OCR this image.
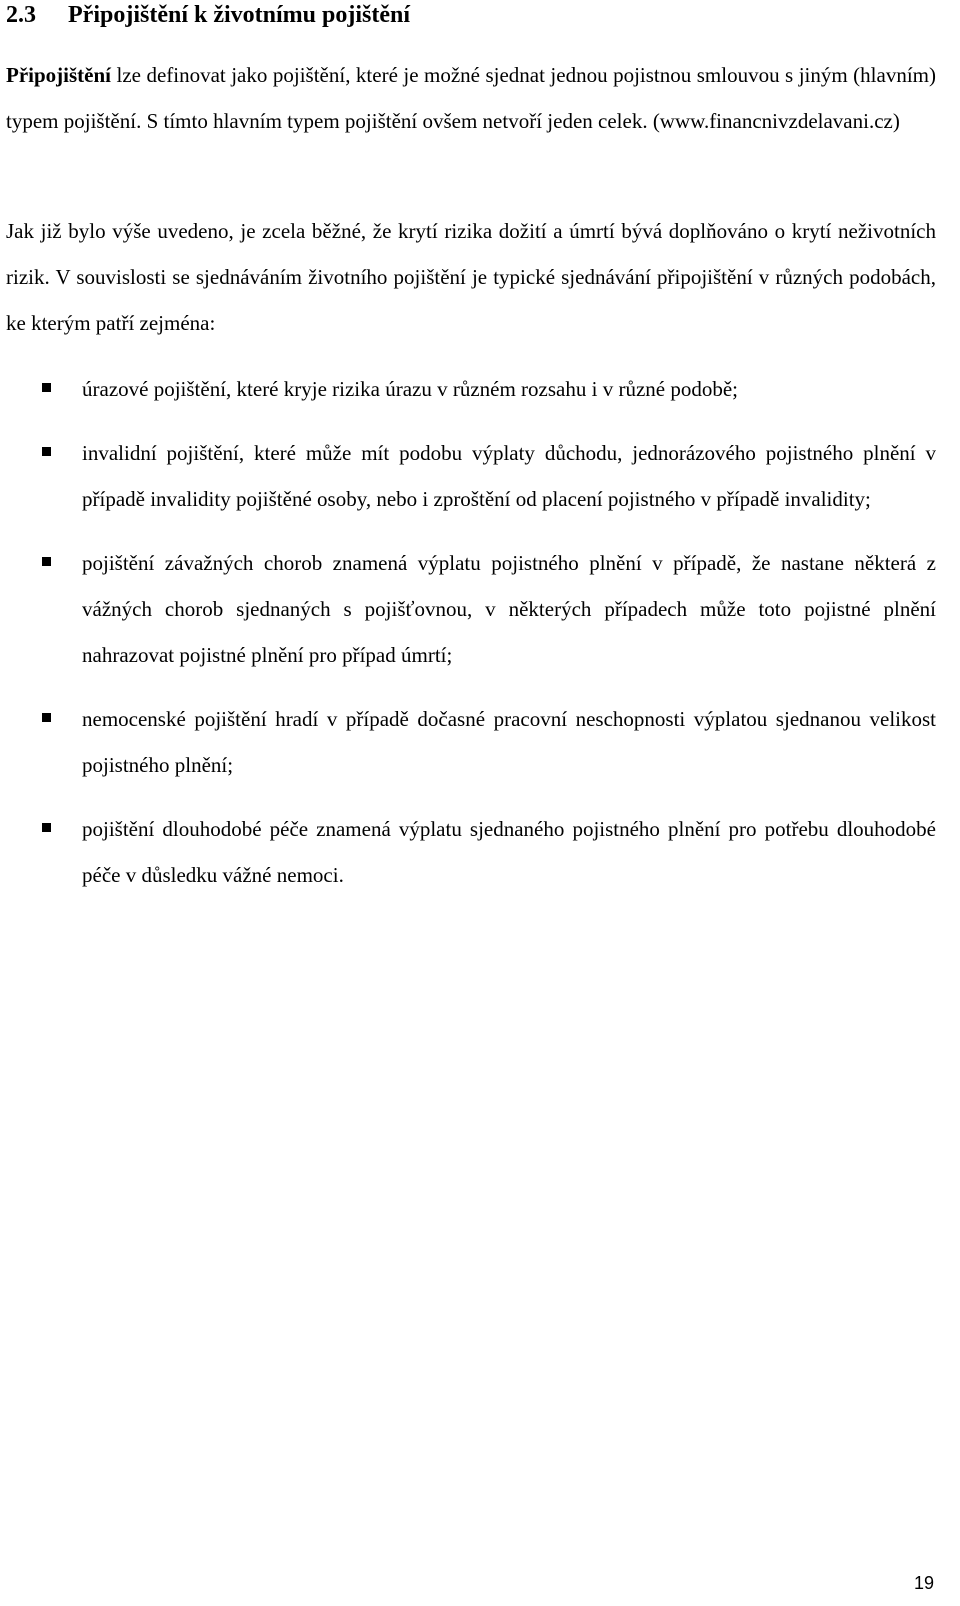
2.3 Připojištění k životnímu pojištění

Připojištění lze definovat jako pojištění, které je možné sjednat jednou pojistnou smlouvou s jiným (hlavním) typem pojištění. S tímto hlavním typem pojištění ovšem netvoří jeden celek. (www.financnivzdelavani.cz)

Jak již bylo výše uvedeno, je zcela běžné, že krytí rizika dožití a úmrtí bývá doplňováno o krytí neživotních rizik. V souvislosti se sjednáváním životního pojištění je typické sjednávání připojištění v různých podobách, ke kterým patří zejména:

úrazové pojištění, které kryje rizika úrazu v různém rozsahu i v různé podobě;
invalidní pojištění, které může mít podobu výplaty důchodu, jednorázového pojistného plnění v případě invalidity pojištěné osoby, nebo i zproštění od placení pojistného v případě invalidity;
pojištění závažných chorob znamená výplatu pojistného plnění v případě, že nastane některá z vážných chorob sjednaných s pojišťovnou, v některých případech může toto pojistné plnění nahrazovat pojistné plnění pro případ úmrtí;
nemocenské pojištění hradí v případě dočasné pracovní neschopnosti výplatou sjednanou velikost pojistného plnění;
pojištění dlouhodobé péče znamená výplatu sjednaného pojistného plnění pro potřebu dlouhodobé péče v důsledku vážné nemoci.
19
